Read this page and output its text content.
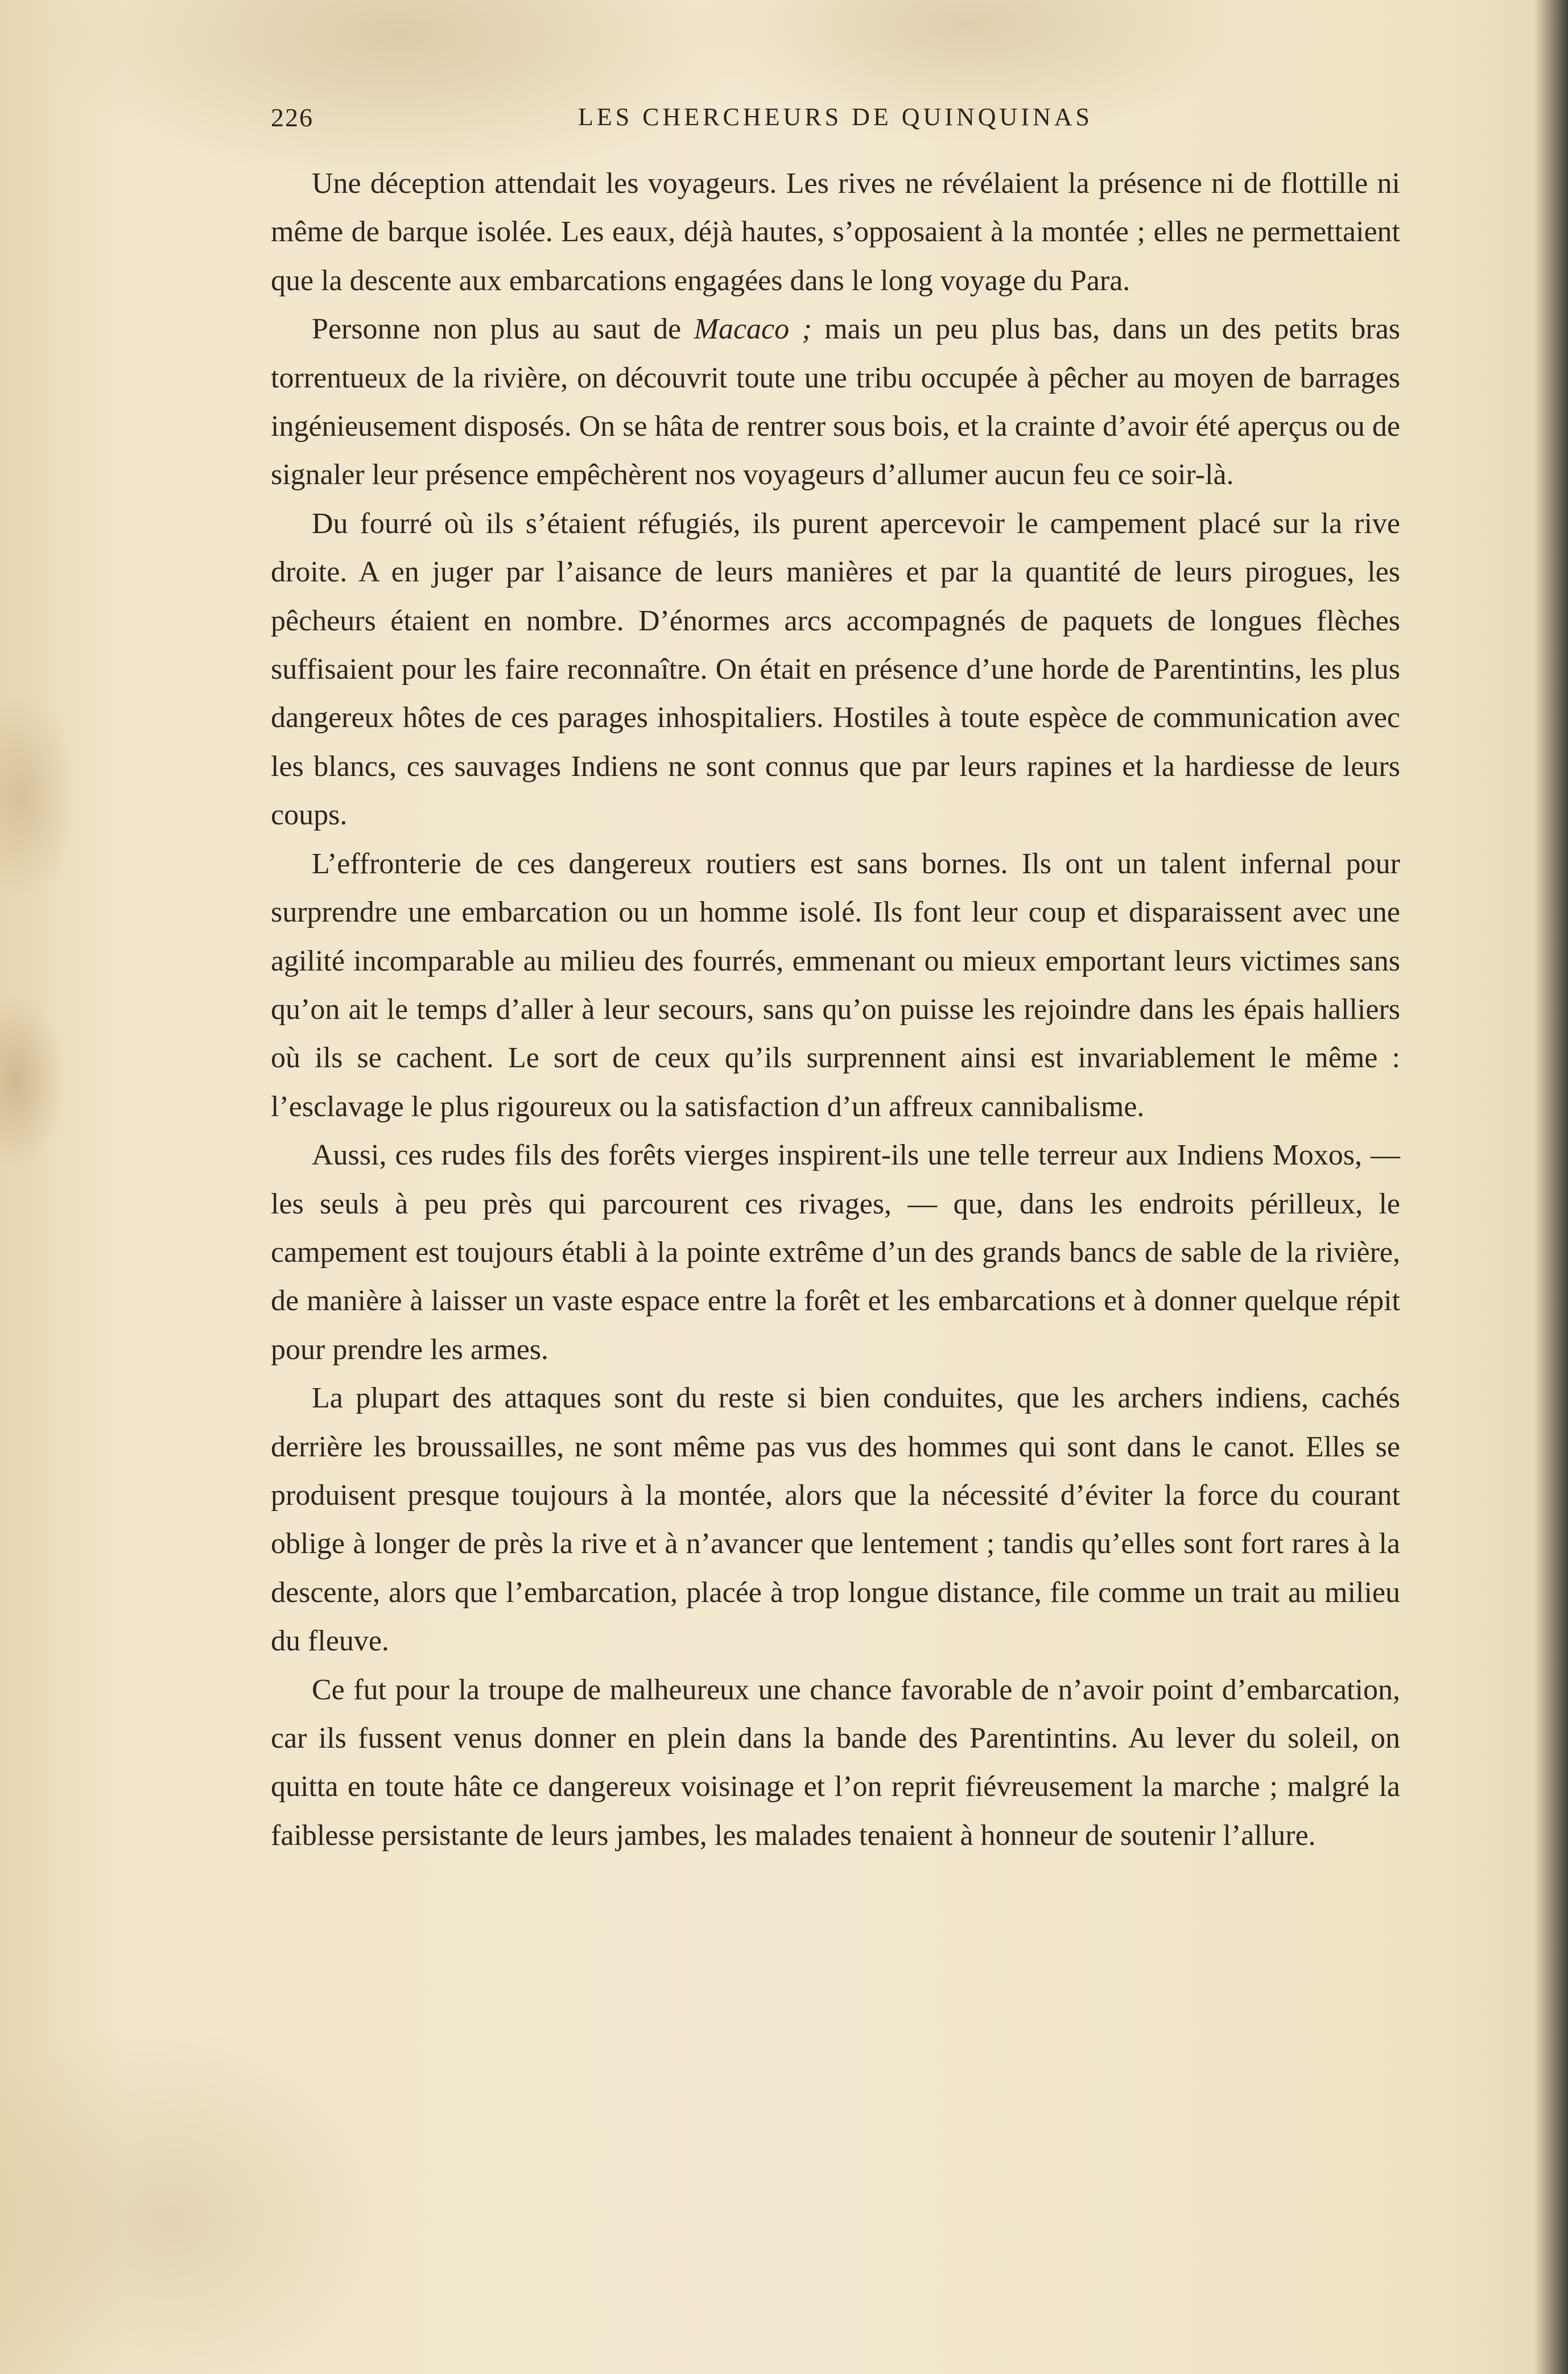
226	LES CHERCHEURS DE QUINQUINAS

Une déception attendait les voyageurs. Les rives ne révélaient la présence ni de flottille ni même de barque isolée. Les eaux, déjà hautes, s’opposaient à la montée ; elles ne permettaient que la descente aux embarcations engagées dans le long voyage du Para.

Personne non plus au saut de Macaco ; mais un peu plus bas, dans un des petits bras torrentueux de la rivière, on découvrit toute une tribu occupée à pêcher au moyen de barrages ingénieusement disposés. On se hâta de rentrer sous bois, et la crainte d’avoir été aperçus ou de signaler leur présence empêchèrent nos voyageurs d’allumer aucun feu ce soir-là.

Du fourré où ils s’étaient réfugiés, ils purent apercevoir le campement placé sur la rive droite. A en juger par l’aisance de leurs manières et par la quantité de leurs pirogues, les pêcheurs étaient en nombre. D’énormes arcs accompagnés de paquets de longues flèches suffisaient pour les faire reconnaître. On était en présence d’une horde de Parentintins, les plus dangereux hôtes de ces parages inhospitaliers. Hostiles à toute espèce de communication avec les blancs, ces sauvages Indiens ne sont connus que par leurs rapines et la hardiesse de leurs coups.

L’effronterie de ces dangereux routiers est sans bornes. Ils ont un talent infernal pour surprendre une embarcation ou un homme isolé. Ils font leur coup et disparaissent avec une agilité incomparable au milieu des fourrés, emmenant ou mieux emportant leurs victimes sans qu’on ait le temps d’aller à leur secours, sans qu’on puisse les rejoindre dans les épais halliers où ils se cachent. Le sort de ceux qu’ils surprennent ainsi est invariablement le même : l’esclavage le plus rigoureux ou la satisfaction d’un affreux cannibalisme.

Aussi, ces rudes fils des forêts vierges inspirent-ils une telle terreur aux Indiens Moxos, — les seuls à peu près qui parcourent ces rivages, — que, dans les endroits périlleux, le campement est toujours établi à la pointe extrême d’un des grands bancs de sable de la rivière, de manière à laisser un vaste espace entre la forêt et les embarcations et à donner quelque répit pour prendre les armes.

La plupart des attaques sont du reste si bien conduites, que les archers indiens, cachés derrière les broussailles, ne sont même pas vus des hommes qui sont dans le canot. Elles se produisent presque toujours à la montée, alors que la nécessité d’éviter la force du courant oblige à longer de près la rive et à n’avancer que lentement ; tandis qu’elles sont fort rares à la descente, alors que l’embarcation, placée à trop longue distance, file comme un trait au milieu du fleuve.

Ce fut pour la troupe de malheureux une chance favorable de n’avoir point d’embarcation, car ils fussent venus donner en plein dans la bande des Parentintins. Au lever du soleil, on quitta en toute hâte ce dangereux voisinage et l’on reprit fiévreusement la marche ; malgré la faiblesse persistante de leurs jambes, les malades tenaient à honneur de soutenir l’allure.
